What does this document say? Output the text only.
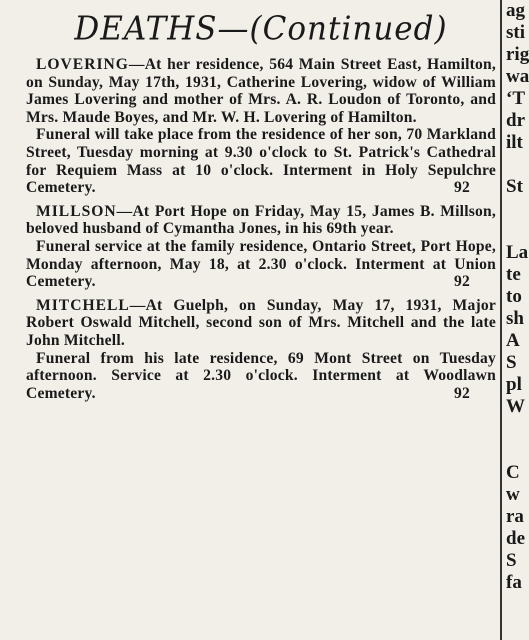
DEATHS—(Continued)

LOVERING—At her residence, 564 Main Street East, Hamilton, on Sunday, May 17th, 1931, Catherine Lovering, widow of William James Lovering and mother of Mrs. A. R. Loudon of Toronto, and Mrs. Maude Boyes, and Mr. W. H. Lovering of Hamilton.

Funeral will take place from the residence of her son, 70 Markland Street, Tuesday morning at 9.30 o'clock to St. Patrick's Cathedral for Requiem Mass at 10 o'clock. Interment in Holy Sepulchre Cemetery.	92

MILLSON—At Port Hope on Friday, May 15, James B. Millson, beloved husband of Cymantha Jones, in his 69th year.

Funeral service at the family residence, Ontario Street, Port Hope, Monday afternoon, May 18, at 2.30 o'clock. Interment at Union Cemetery.	92

MITCHELL—At Guelph, on Sunday, May 17, 1931, Major Robert Oswald Mitchell, second son of Mrs. Mitchell and the late John Mitchell.

Funeral from his late residence, 69 Mont Street on Tuesday afternoon. Service at 2.30 o'clock. Interment at Woodlawn Cemetery.	92

ag
sti
rig
wa
‘T
dr
ilt
St
La
te
to
sh
A
S
pl
W
C
w
ra
de
S
fa
